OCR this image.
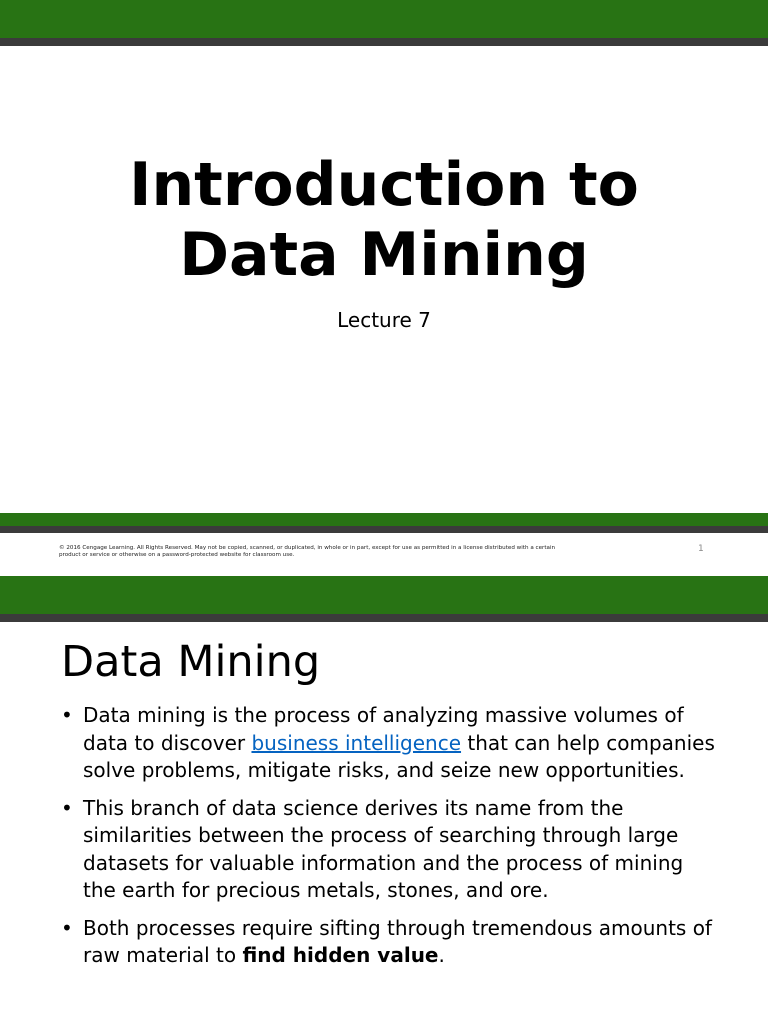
Introduction to
Data Mining
Lecture 7
© 2016 Cengage Learning. All Rights Reserved. May not be copied, scanned, or duplicated, in whole or in part, except for use as permitted in a license distributed with a certain
product or service or otherwise on a password-protected website for classroom use.
1
Data Mining
• Data mining is the process of analyzing massive volumes of data to discover business intelligence that can help companies solve problems, mitigate risks, and seize new opportunities.
• This branch of data science derives its name from the similarities between the process of searching through large datasets for valuable information and the process of mining the earth for precious metals, stones, and ore.
• Both processes require sifting through tremendous amounts of raw material to find hidden value.
